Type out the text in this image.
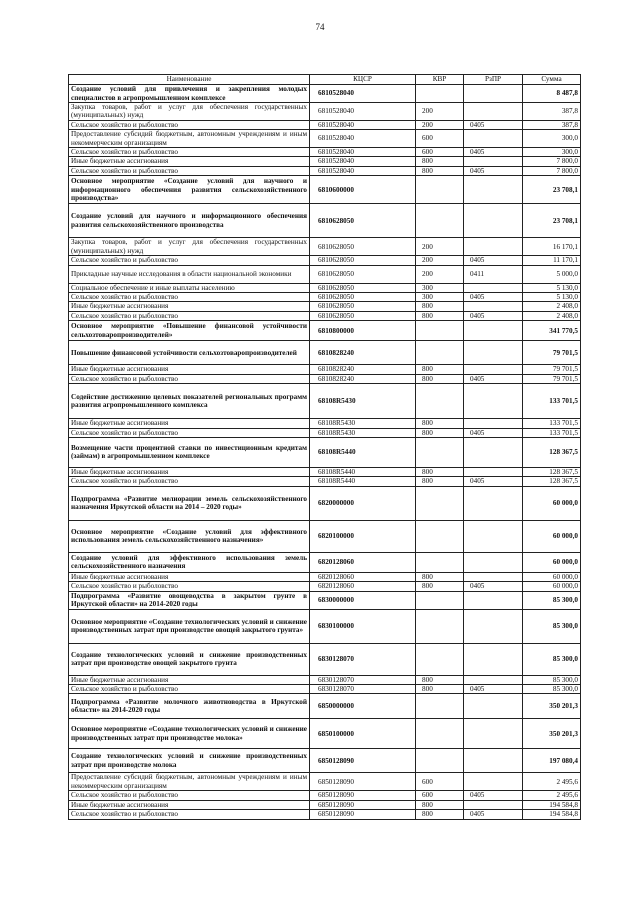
74
Наименование	КЦСР	КВР	РзПР	Сумма
Создание условий для привлечения и закрепления молодых специалистов в агропромышленном комплексе	6810528040			8 487,8
Закупка товаров, работ и услуг для обеспечения государственных (муниципальных) нужд	6810528040	200		387,8
Сельское хозяйство и рыболовство	6810528040	200	0405	387,8
Предоставление субсидий бюджетным, автономным учреждениям и иным некоммерческим организациям	6810528040	600		300,0
Сельское хозяйство и рыболовство	6810528040	600	0405	300,0
Иные бюджетные ассигнования	6810528040	800		7 800,0
Сельское хозяйство и рыболовство	6810528040	800	0405	7 800,0
Основное мероприятие «Создание условий для научного и информационного обеспечения развития сельскохозяйственного производства»	6810600000			23 708,1
Создание условий для научного и информационного обеспечения развития сельскохозяйственного производства	6810628050			23 708,1
Закупка товаров, работ и услуг для обеспечения государственных (муниципальных) нужд	6810628050	200		16 170,1
Сельское хозяйство и рыболовство	6810628050	200	0405	11 170,1
Прикладные научные исследования в области национальной экономики	6810628050	200	0411	5 000,0
Социальное обеспечение и иные выплаты населению	6810628050	300		5 130,0
Сельское хозяйство и рыболовство	6810628050	300	0405	5 130,0
Иные бюджетные ассигнования	6810628050	800		2 408,0
Сельское хозяйство и рыболовство	6810628050	800	0405	2 408,0
Основное мероприятие «Повышение финансовой устойчивости сельхозтоваропроизводителей»	6810800000			341 770,5
Повышение финансовой устойчивости сельхозтоваропроизводителей	6810828240			79 701,5
Иные бюджетные ассигнования	6810828240	800		79 701,5
Сельское хозяйство и рыболовство	6810828240	800	0405	79 701,5
Содействие достижению целевых показателей региональных программ развития агропромышленного комплекса	68108R5430			133 701,5
Иные бюджетные ассигнования	68108R5430	800		133 701,5
Сельское хозяйство и рыболовство	68108R5430	800	0405	133 701,5
Возмещение части процентной ставки по инвестиционным кредитам (займам) в агропромышленном комплексе	68108R5440			128 367,5
Иные бюджетные ассигнования	68108R5440	800		128 367,5
Сельское хозяйство и рыболовство	68108R5440	800	0405	128 367,5
Подпрограмма «Развитие мелиорации земель сельскохозяйственного назначения Иркутской области на 2014 – 2020 годы»	6820000000			60 000,0
Основное мероприятие «Создание условий для эффективного использования земель сельскохозяйственного назначения»	6820100000			60 000,0
Создание условий для эффективного использования земель сельскохозяйственного назначения	6820128060			60 000,0
Иные бюджетные ассигнования	6820128060	800		60 000,0
Сельское хозяйство и рыболовство	6820128060	800	0405	60 000,0
Подпрограмма «Развитие овощеводства в закрытом грунте в Иркутской области» на 2014-2020 годы	6830000000			85 300,0
Основное мероприятие «Создание технологических условий и снижение производственных затрат при производстве овощей закрытого грунта»	6830100000			85 300,0
Создание технологических условий и снижение производственных затрат при производстве овощей закрытого грунта	6830128070			85 300,0
Иные бюджетные ассигнования	6830128070	800		85 300,0
Сельское хозяйство и рыболовство	6830128070	800	0405	85 300,0
Подпрограмма «Развитие молочного животноводства в Иркутской области» на 2014-2020 годы	6850000000			350 201,3
Основное мероприятие «Создание технологических условий и снижение производственных затрат при производстве молока»	6850100000			350 201,3
Создание технологических условий и снижение производственных затрат при производстве молока	6850128090			197 080,4
Предоставление субсидий бюджетным, автономным учреждениям и иным некоммерческим организациям	6850128090	600		2 495,6
Сельское хозяйство и рыболовство	6850128090	600	0405	2 495,6
Иные бюджетные ассигнования	6850128090	800		194 584,8
Сельское хозяйство и рыболовство	6850128090	800	0405	194 584,8
